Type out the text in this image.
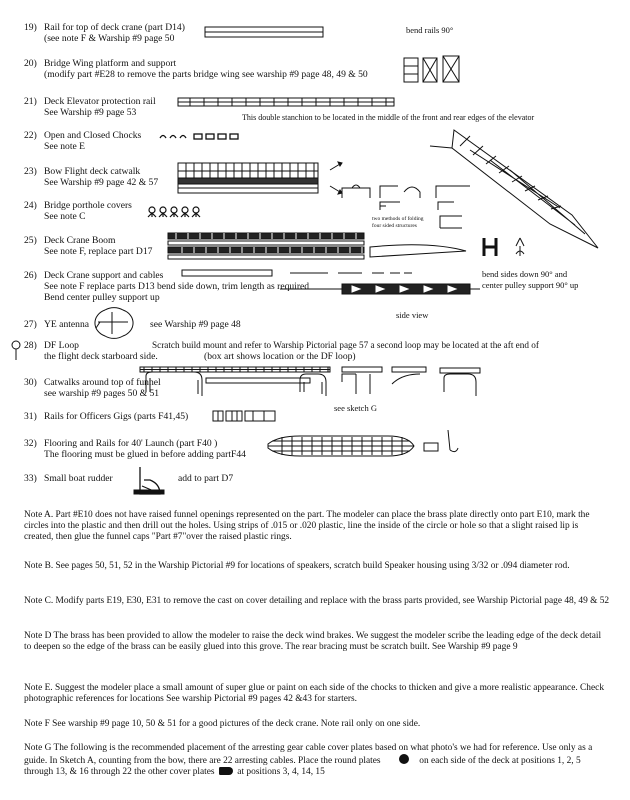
19) Rail for top of deck crane (part D14)
(see note F & Warship #9 page 50
20) Bridge Wing platform and support
(modify part #E28 to remove the parts bridge wing see warship #9 page 48, 49 & 50
21) Deck Elevator protection rail
See Warship #9 page 53
22) Open and Closed Chocks
See note E
23) Bow Flight deck catwalk
See Warship #9 page 42 & 57
24) Bridge porthole covers
See note C
25) Deck Crane Boom
See note F, replace part D17
26) Deck Crane support and cables
See note F replace parts D13 bend side down, trim length as required
Bend center pulley support up
27) YE antenna	see Warship #9 page 48
28) DF Loop	Scratch build mount and refer to Warship Pictorial page 57 a second loop may be located at the aft end of
the flight deck starboard side.	(box art shows location or the DF loop)
30) Catwalks around top of funnel
see warship #9 pages 50 & 51
31) Rails for Officers Gigs (parts F41,45)
32) Flooring and Rails for 40' Launch (part F40 )
The flooring must be glued in before adding partF44
33) Small boat rudder	add to part D7
bend rails 90°
This double stanchion to be located in the middle of the front and rear edges of the elevator
two methods of folding
four sided structures
bend sides down 90° and
center pulley support 90° up
side view
see sketch G
Note A. Part #E10 does not have raised funnel openings represented on the part. The modeler can place the brass plate directly onto part E10, mark the circles into the plastic and then drill out the holes. Using strips of .015 or .020 plastic, line the inside of the circle or hole so that a slight raised lip is created, then glue the funnel caps "Part #7"over the raised plastic rings.
Note B. See pages 50, 51, 52 in the Warship Pictorial #9 for locations of speakers, scratch build Speaker housing using 3/32 or .094 diameter rod.
Note C. Modify parts E19, E30, E31 to remove the cast on cover detailing and replace with the brass parts provided, see Warship Pictorial page 48, 49 & 52
Note D The brass has been provided to allow the modeler to raise the deck wind brakes. We suggest the modeler scribe the leading edge of the deck detail to deepen so the edge of the brass can be easily glued into this grove. The rear bracing must be scratch built. See Warship #9 page 9
Note E. Suggest the modeler place a small amount of super glue or paint on each side of the chocks to thicken and give a more realistic appearance. Check photographic references for locations See warship Pictorial #9 pages 42 &43 for starters.
Note F See warship #9 page 10, 50 & 51 for a good pictures of the deck crane. Note rail only on one side.
Note G The following is the recommended placement of the arresting gear cable cover plates based on what photo's we had for reference. Use only as a guide. In Sketch A, counting from the bow, there are 22 arresting cables. Place the round plates	on each side of the deck at positions 1, 2, 5 through 13, & 16 through 22 the other cover plates at positions 3, 4, 14, 15
